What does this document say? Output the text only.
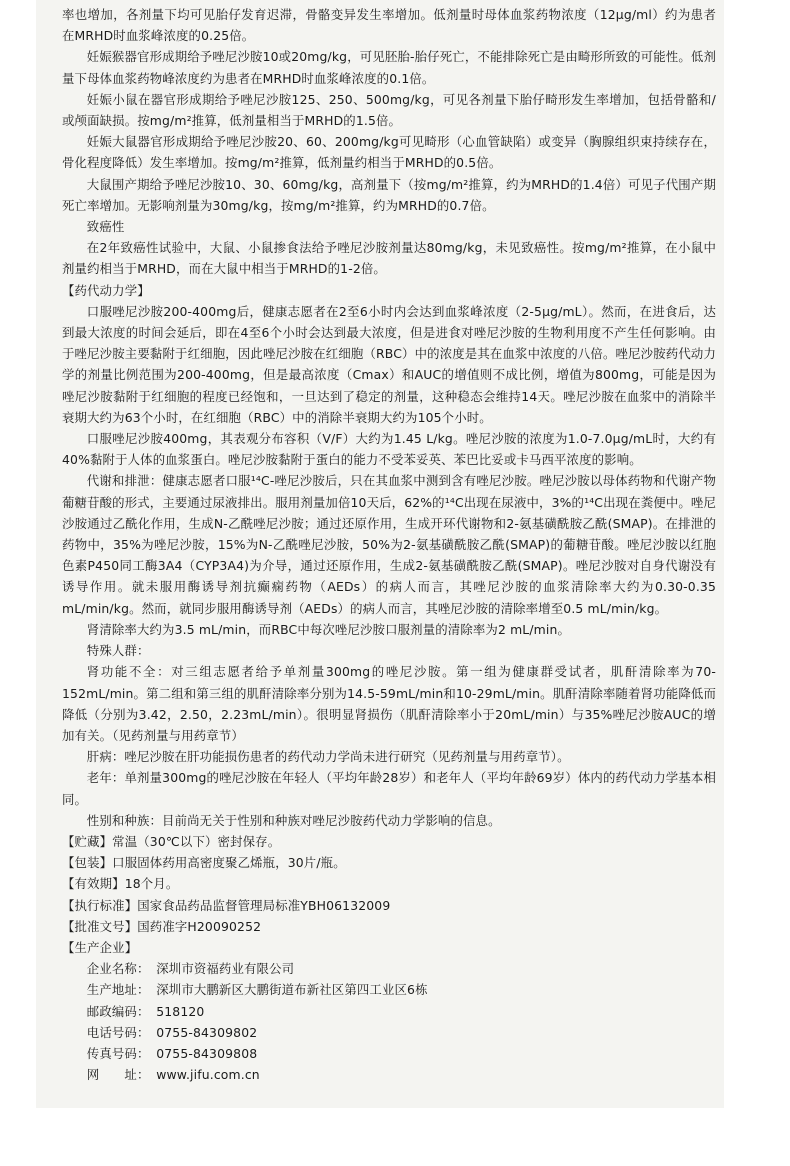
率也增加，各剂量下均可见胎仔发育迟滞，骨骼变异发生率增加。低剂量时母体血浆药物浓度（12μg/ml）约为患者在MRHD时血浆峰浓度的0.25倍。

妊娠猴器官形成期给予唑尼沙胺10或20mg/kg，可见胚胎-胎仔死亡，不能排除死亡是由畸形所致的可能性。低剂量下母体血浆药物峰浓度约为患者在MRHD时血浆峰浓度的0.1倍。

妊娠小鼠在器官形成期给予唑尼沙胺125、250、500mg/kg，可见各剂量下胎仔畸形发生率增加，包括骨骼和/或颅面缺损。按mg/m²推算，低剂量相当于MRHD的1.5倍。

妊娠大鼠器官形成期给予唑尼沙胺20、60、200mg/kg可见畸形（心血管缺陷）或变异（胸腺组织束持续存在，骨化程度降低）发生率增加。按mg/m²推算，低剂量约相当于MRHD的0.5倍。

大鼠围产期给予唑尼沙胺10、30、60mg/kg，高剂量下（按mg/m²推算，约为MRHD的1.4倍）可见子代围产期死亡率增加。无影响剂量为30mg/kg，按mg/m²推算，约为MRHD的0.7倍。

致癌性

在2年致癌性试验中，大鼠、小鼠掺食法给予唑尼沙胺剂量达80mg/kg，未见致癌性。按mg/m²推算，在小鼠中剂量约相当于MRHD，而在大鼠中相当于MRHD的1-2倍。

【药代动力学】

口服唑尼沙胺200-400mg后，健康志愿者在2至6小时内会达到血浆峰浓度（2-5μg/mL）。然而，在进食后，达到最大浓度的时间会延后，即在4至6个小时会达到最大浓度，但是进食对唑尼沙胺的生物利用度不产生任何影响。由于唑尼沙胺主要黏附于红细胞，因此唑尼沙胺在红细胞（RBC）中的浓度是其在血浆中浓度的八倍。唑尼沙胺药代动力学的剂量比例范围为200-400mg，但是最高浓度（Cmax）和AUC的增值则不成比例，增值为800mg，可能是因为唑尼沙胺黏附于红细胞的程度已经饱和，一旦达到了稳定的剂量，这种稳态会维持14天。唑尼沙胺在血浆中的消除半衰期大约为63个小时，在红细胞（RBC）中的消除半衰期大约为105个小时。

口服唑尼沙胺400mg，其表观分布容积（V/F）大约为1.45 L/kg。唑尼沙胺的浓度为1.0-7.0μg/mL时，大约有40%黏附于人体的血浆蛋白。唑尼沙胺黏附于蛋白的能力不受苯妥英、苯巴比妥或卡马西平浓度的影响。

代谢和排泄：健康志愿者口服¹⁴C-唑尼沙胺后，只在其血浆中测到含有唑尼沙胺。唑尼沙胺以母体药物和代谢产物葡糖苷酸的形式，主要通过尿液排出。服用剂量加倍10天后，62%的¹⁴C出现在尿液中，3%的¹⁴C出现在粪便中。唑尼沙胺通过乙酰化作用，生成N-乙酰唑尼沙胺；通过还原作用，生成开环代谢物和2-氨基磺酰胺乙酰(SMAP)。在排泄的药物中，35%为唑尼沙胺，15%为N-乙酰唑尼沙胺，50%为2-氨基磺酰胺乙酰(SMAP)的葡糖苷酸。唑尼沙胺以红胞色素P450同工酶3A4（CYP3A4)为介导，通过还原作用，生成2-氨基磺酰胺乙酰(SMAP)。唑尼沙胺对自身代谢没有诱导作用。就未服用酶诱导剂抗癫痫药物（AEDs）的病人而言，其唑尼沙胺的血浆清除率大约为0.30-0.35 mL/min/kg。然而，就同步服用酶诱导剂（AEDs）的病人而言，其唑尼沙胺的清除率增至0.5 mL/min/kg。

肾清除率大约为3.5 mL/min，而RBC中每次唑尼沙胺口服剂量的清除率为2 mL/min。

特殊人群：

肾功能不全：对三组志愿者给予单剂量300mg的唑尼沙胺。第一组为健康群受试者，肌酐清除率为70-152mL/min。第二组和第三组的肌酐清除率分别为14.5-59mL/min和10-29mL/min。肌酐清除率随着肾功能降低而降低（分别为3.42，2.50，2.23mL/min）。很明显肾损伤（肌酐清除率小于20mL/min）与35%唑尼沙胺AUC的增加有关。（见药剂量与用药章节）

肝病：唑尼沙胺在肝功能损伤患者的药代动力学尚未进行研究（见药剂量与用药章节）。

老年：单剂量300mg的唑尼沙胺在年轻人（平均年龄28岁）和老年人（平均年龄69岁）体内的药代动力学基本相同。

性别和种族：目前尚无关于性别和种族对唑尼沙胺药代动力学影响的信息。

【贮藏】常温（30℃以下）密封保存。

【包装】口服固体药用高密度聚乙烯瓶，30片/瓶。

【有效期】18个月。

【执行标准】国家食品药品监督管理局标准YBH06132009

【批准文号】国药准字H20090252

【生产企业】

企业名称： 深圳市资福药业有限公司

生产地址： 深圳市大鹏新区大鹏街道布新社区第四工业区6栋

邮政编码： 518120

电话号码： 0755-84309802

传真号码： 0755-84309808

网　　址： www.jifu.com.cn
